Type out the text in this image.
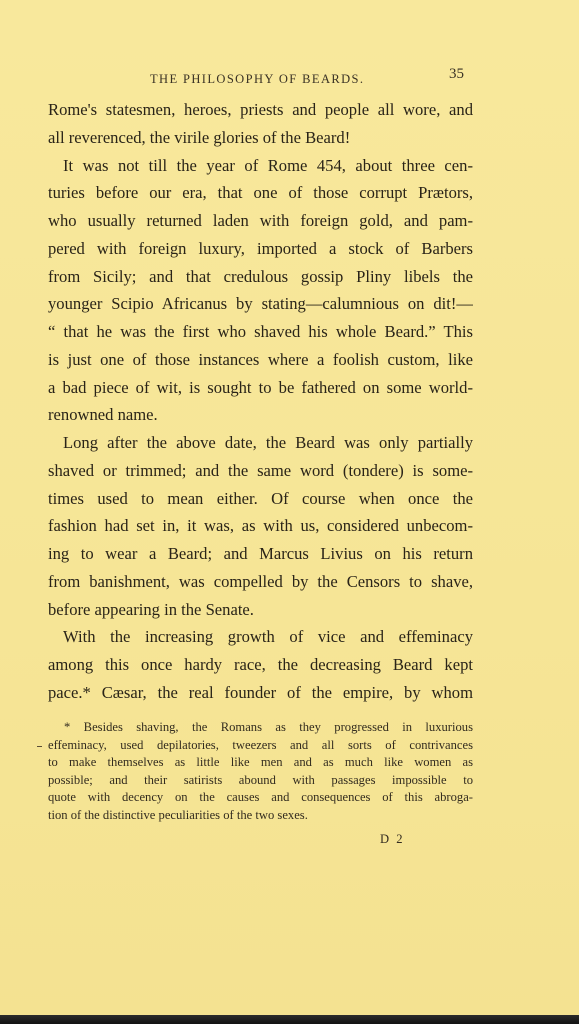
THE PHILOSOPHY OF BEARDS.	35
Rome's statesmen, heroes, priests and people all wore, and
all reverenced, the virile glories of the Beard!
It was not till the year of Rome 454, about three cen-
turies before our era, that one of those corrupt Prætors,
who usually returned laden with foreign gold, and pam-
pered with foreign luxury, imported a stock of Barbers
from Sicily; and that credulous gossip Pliny libels the
younger Scipio Africanus by stating—calumnious on dit!—
“ that he was the first who shaved his whole Beard.” This
is just one of those instances where a foolish custom, like
a bad piece of wit, is sought to be fathered on some world-
renowned name.
Long after the above date, the Beard was only partially
shaved or trimmed; and the same word (tondere) is some-
times used to mean either. Of course when once the
fashion had set in, it was, as with us, considered unbecom-
ing to wear a Beard; and Marcus Livius on his return
from banishment, was compelled by the Censors to shave,
before appearing in the Senate.
With the increasing growth of vice and effeminacy
among this once hardy race, the decreasing Beard kept
pace.* Cæsar, the real founder of the empire, by whom
* Besides shaving, the Romans as they progressed in luxurious
effeminacy, used depilatories, tweezers and all sorts of contrivances
to make themselves as little like men and as much like women as
possible; and their satirists abound with passages impossible to
quote with decency on the causes and consequences of this abroga-
tion of the distinctive peculiarities of the two sexes.
D 2
